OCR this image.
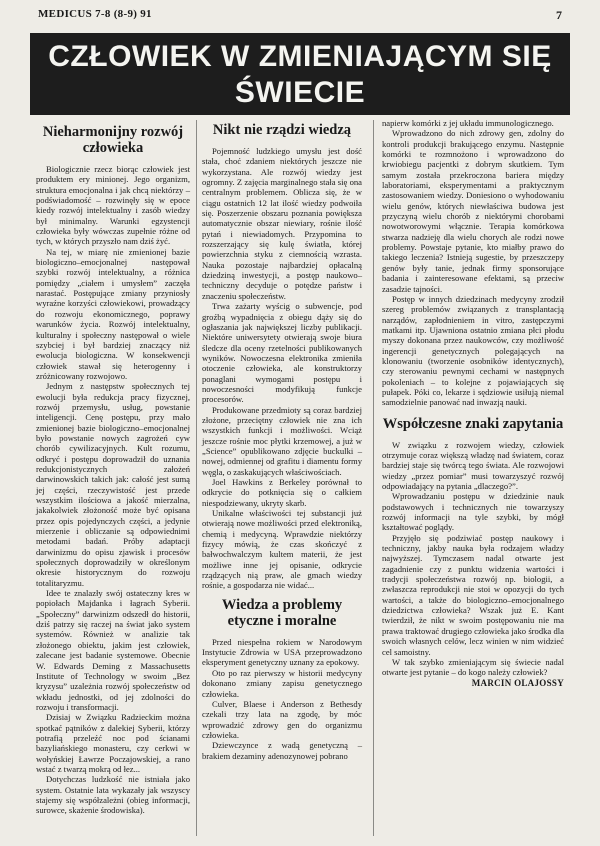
MEDICUS 7-8 (8-9) 91	7
CZŁOWIEK W ZMIENIAJĄCYM SIĘ ŚWIECIE
Nieharmonijny rozwój człowieka

Biologicznie rzecz biorąc człowiek jest produktem ery minionej. Jego organizm, struktura emocjonalna i jak chcą niektórzy – podświadomość – rozwinęły się w epoce kiedy rozwój intelektualny i zasób wiedzy był minimalny. Warunki egzystencji człowieka były wówczas zupełnie różne od tych, w których przyszło nam dziś żyć.

Na tej, w miarę nie zmienionej bazie biologiczno–emocjonalnej następował szybki rozwój intelektualny, a różnica pomiędzy „ciałem i umysłem” zaczęła narastać. Postępujące zmiany przyniosły wyraźne korzyści człowiekowi, prowadzący do rozwoju ekonomicznego, poprawy warunków życia. Rozwój intelektualny, kulturalny i społeczny następował o wiele szybciej i był bardziej znaczący niż ewolucja biologiczna. W konsekwencji człowiek stawał się heterogenny i zróżnicowany rozwojowo.

Jednym z następstw społecznych tej ewolucji była redukcja pracy fizycznej, rozwój przemysłu, usług, powstanie inteligencji. Cenę postępu, przy mało zmienionej bazie biologiczno–emocjonalnej było powstanie nowych zagrożeń cyw chorób cywilizacyjnych. Kult rozumu, odkryć i postępu doprowadził do uznania redukcjonistycznych założeń darwinowskich takich jak: całość jest sumą jej części, rzeczywistość jest przede wszystkim ilościowa a jakość mierzalna, jakakolwiek złożoność może być opisana przez opis pojedynczych części, a jedynie mierzenie i obliczanie są odpowiednimi metodami badań. Próby adaptacji darwinizmu do opisu zjawisk i procesów społecznych doprowadziły w określonym okresie historycznym do rozwoju totalitaryzmu.

Idee te znalazły swój ostateczny kres w popiołach Majdanka i łagrach Syberii. „Społeczny” darwinizm odszedł do historii, dziś patrzy się raczej na świat jako system systemów. Również w analizie tak złożonego obiektu, jakim jest człowiek, zalecane jest badanie systemowe. Obecnie W. Edwards Deming z Massachusetts Institute of Technology w swoim „Bez kryzysu” uzależnia rozwój społeczeństw od wkładu jednostki, od jej zdolności do rozwoju i transformacji.

Dzisiaj w Związku Radzieckim można spotkać pątników z dalekiej Syberii, którzy potrafią przeleźć noc pod ścianami bazyliańskiego monasteru, czy cerkwi w wołyńskiej Ławrze Poczajowskiej, a rano wstać z twarzą mokrą od łez...

Dotychczas ludzkość nie istniała jako system. Ostatnie lata wykazały jak wszyscy stajemy się współzależni (obieg informacji, surowce, skażenie środowiska).

Nikt nie rządzi wiedzą

Pojemność ludzkiego umysłu jest dość stała, choć zdaniem niektórych jeszcze nie wykorzystana. Ale rozwój wiedzy jest ogromny. Z zajęcia marginalnego stała się ona centralnym problemem. Oblicza się, że w ciągu ostatnich 12 lat ilość wiedzy podwoiła się. Poszerzenie obszaru poznania powiększa automatycznie obszar niewiary, rośnie ilość pytań i niewiadomych. Przypomina to rozszerzający się kulę światła, której powierzchnia styku z ciemnością wzrasta. Nauka pozostaje najbardziej opłacalną dziedziną inwestycji, a postęp naukowo–techniczny decyduje o potędze państw i znaczeniu społeczeństw.

Trwa zażarty wyścig o subwencje, pod groźbą wypadnięcia z obiegu dąży się do ogłaszania jak największej liczby publikacji. Niektóre uniwersytety otwierają swoje biura śledcze dla oceny rzetelności publikowanych wyników. Nowoczesna elektronika zmieniła otoczenie człowieka, ale konstruktorzy ponaglani wymogami postępu i nowoczesności modyfikują funkcje procesorów.

Produkowane przedmioty są coraz bardziej złożone, przeciętny człowiek nie zna ich wszystkich funkcji i możliwości. Wciąż jeszcze rośnie moc płytki krzemowej, a już w „Science” opublikowano zdjęcie buckulki – nowej, odmiennej od grafitu i diamentu formy węgla, o zaskakujących właściwościach.

Joel Hawkins z Berkeley porównał to odkrycie do potknięcia się o całkiem niespodziewany, ukryty skarb.

Unikalne właściwości tej substancji już otwierają nowe możliwości przed elektroniką, chemią i medycyną. Wprawdzie niektórzy fizycy mówią, że czas skończyć z bałwochwalczym kultem materii, że jest możliwe inne jej opisanie, odkrycie rządzących nią praw, ale gmach wiedzy rośnie, a gospodarza nie widać...

Wiedza a problemy etyczne i moralne

Przed niespełna rokiem w Narodowym Instytucie Zdrowia w USA przeprowadzono eksperyment genetyczny uznany za epokowy.

Oto po raz pierwszy w historii medycyny dokonano zmiany zapisu genetycznego człowieka.

Culver, Blaese i Anderson z Bethesdy czekali trzy lata na zgodę, by móc wprowadzić zdrowy gen do organizmu człowieka.

Dziewczynce z wadą genetyczną – brakiem dezaminy adenozynowej pobrano

napierw komórki z jej układu immunologicznego.

Wprowadzono do nich zdrowy gen, zdolny do kontroli produkcji brakującego enzymu. Następnie komórki te rozmnożono i wprowadzono do krwiobiegu pacjentki z dobrym skutkiem. Tym samym została przekroczona bariera między laboratoriami, eksperymentami a praktycznym zastosowaniem wiedzy. Doniesiono o wyhodowaniu wielu genów, których niewłaściwa budowa jest przyczyną wielu chorób z niektórymi chorobami nowotworowymi włącznie. Terapia komórkowa stwarza nadzieję dla wielu chorych ale rodzi nowe problemy. Powstaje pytanie, kto miałby prawo do takiego leczenia? Istnieją sugestie, by przeszczepy genów były tanie, jednak firmy sponsorujące badania i zainteresowane efektami, są przeciw zasadzie tajności.

Postęp w innych dziedzinach medycyny zrodził szereg problemów związanych z transplantacją narządów, zapłodnieniem in vitro, zastępczymi matkami itp. Ujawniona ostatnio zmiana płci płodu myszy dokonana przez naukowców, czy możliwość ingerencji genetycznych polegających na klonowaniu (tworzenie osobników identycznych), czy sterowaniu pewnymi cechami w następnych pokoleniach – to kolejne z pojawiających się pułapek. Póki co, lekarze i sędziowie usiłują niemal samodzielnie panować nad inwazją nauki.

Współczesne znaki zapytania

W związku z rozwojem wiedzy, człowiek otrzymuje coraz większą władzę nad światem, coraz bardziej staje się twórcą tego świata. Ale rozwojowi wiedzy „przez pomiar” musi towarzyszyć rozwój odpowiadający na pytania „dlaczego?”.

Wprowadzaniu postępu w dziedzinie nauk podstawowych i technicznych nie towarzyszy rozwój informacji na tyle szybki, by mógł kształtować poglądy.

Przyjęło się podziwiać postęp naukowy i techniczny, jakby nauka była rodzajem władzy najwyższej. Tymczasem nadal otwarte jest zagadnienie czy z punktu widzenia wartości i tradycji społeczeństwa rozwój np. biologii, a zwłaszcza reprodukcji nie stoi w opozycji do tych wartości, a także do biologiczno–emocjonalnego dziedzictwa człowieka? Wszak już E. Kant twierdził, że nikt w swoim postępowaniu nie ma prawa traktować drugiego człowieka jako środka dla swoich własnych celów, lecz winien w nim widzieć cel samoistny.

W tak szybko zmieniającym się świecie nadal otwarte jest pytanie – do kogo należy człowiek?

MARCIN OLAJOSSY
